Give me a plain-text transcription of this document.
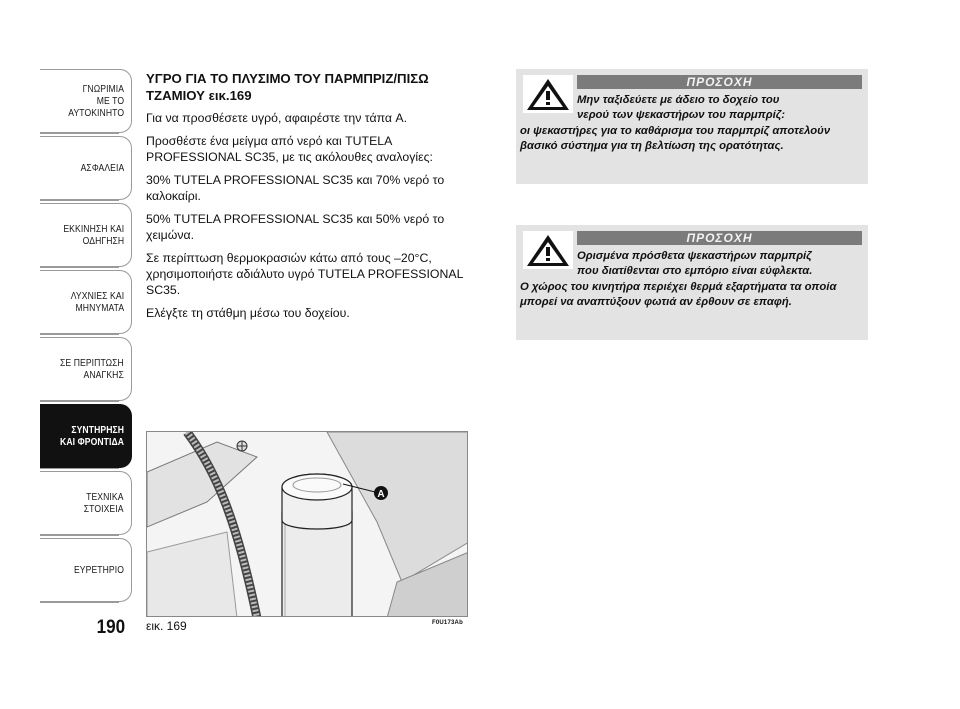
ΓΝΩΡΙΜΙΑ
ΜΕ ΤΟ
ΑΥΤΟΚΙΝΗΤΟ
ΑΣΦΑΛΕΙΑ
ΕΚΚΙΝΗΣΗ ΚΑΙ
ΟΔΗΓΗΣΗ
ΛΥΧΝΙΕΣ ΚΑΙ
ΜΗΝΥΜΑΤΑ
ΣΕ ΠΕΡΙΠΤΩΣΗ
ΑΝΑΓΚΗΣ
ΣΥΝΤΗΡΗΣΗ
ΚΑΙ ΦΡΟΝΤΙΔΑ
ΤΕΧΝΙΚΑ
ΣΤΟΙΧΕΙΑ
ΕΥΡΕΤΗΡΙΟ
190
ΥΓΡΟ ΓΙΑ ΤΟ ΠΛΥΣΙΜΟ ΤΟΥ ΠΑΡΜΠΡΙΖ/ΠΙΣΩ ΤΖΑΜΙΟΥ εικ.169

Για να προσθέσετε υγρό, αφαιρέστε την τάπα A.

Προσθέστε ένα μείγμα από νερό και TUTELA PROFESSIONAL SC35, με τις ακόλουθες αναλογίες:

30% TUTELA PROFESSIONAL SC35 και 70% νερό το καλοκαίρι.

50% TUTELA PROFESSIONAL SC35 και 50% νερό το χειμώνα.

Σε περίπτωση θερμοκρασιών κάτω από τους –20°C, χρησιμοποιήστε αδιάλυτο υγρό TUTELA PROFESSIONAL SC35.

Ελέγξτε τη στάθμη μέσω του δοχείου.

A
εικ. 169	F0U173Ab
ΠΡΟΣΟΧΗ
Μην ταξιδεύετε με άδειο το δοχείο του
νερού των ψεκαστήρων του παρμπρίζ:
οι ψεκαστήρες για το καθάρισμα του παρμπρίζ αποτελούν βασικό σύστημα για τη βελτίωση της ορατότητας.
ΠΡΟΣΟΧΗ
Ορισμένα πρόσθετα ψεκαστήρων παρμπρίζ
που διατίθενται στο εμπόριο είναι εύφλεκτα.
Ο χώρος του κινητήρα περιέχει θερμά εξαρτήματα τα οποία μπορεί να αναπτύξουν φωτιά αν έρθουν σε επαφή.
